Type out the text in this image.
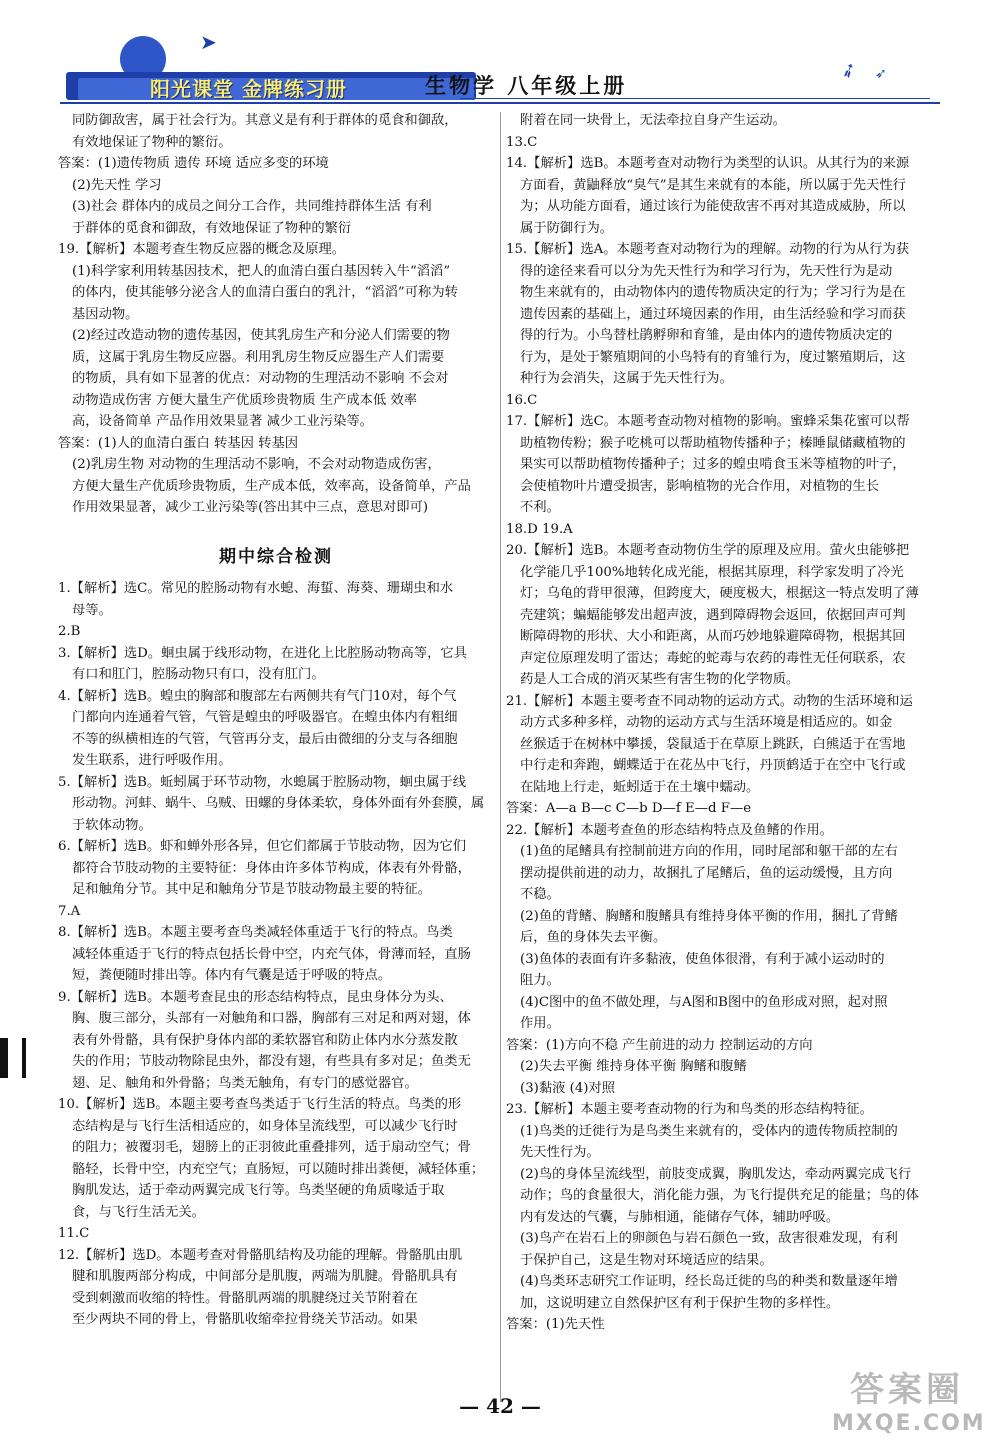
阳光课堂 金牌练习册	生物学 八年级上册
➤
➶ ➶

同防御敌害，属于社会行为。其意义是有利于群体的觅食和御敌，

有效地保证了物种的繁衍。

答案：(1)遗传物质 遗传 环境 适应多变的环境

(2)先天性 学习

(3)社会 群体内的成员之间分工合作，共同维持群体生活 有利

于群体的觅食和御敌，有效地保证了物种的繁衍

19.【解析】本题考查生物反应器的概念及原理。

(1)科学家利用转基因技术，把人的血清白蛋白基因转入牛“滔滔”

的体内，使其能够分泌含人的血清白蛋白的乳汁，“滔滔”可称为转

基因动物。

(2)经过改造动物的遗传基因，使其乳房生产和分泌人们需要的物

质，这属于乳房生物反应器。利用乳房生物反应器生产人们需要

的物质，具有如下显著的优点：对动物的生理活动不影响 不会对

动物造成伤害 方便大量生产优质珍贵物质 生产成本低 效率

高，设备简单 产品作用效果显著 减少工业污染等。

答案：(1)人的血清白蛋白 转基因 转基因

(2)乳房生物 对动物的生理活动不影响，不会对动物造成伤害，

方便大量生产优质珍贵物质，生产成本低，效率高，设备简单，产品

作用效果显著，减少工业污染等(答出其中三点，意思对即可)

期中综合检测

1.【解析】选C。常见的腔肠动物有水螅、海蜇、海葵、珊瑚虫和水

母等。

2.B

3.【解析】选D。蛔虫属于线形动物，在进化上比腔肠动物高等，它具

有口和肛门，腔肠动物只有口，没有肛门。

4.【解析】选B。蝗虫的胸部和腹部左右两侧共有气门10对，每个气

门都向内连通着气管，气管是蝗虫的呼吸器官。在蝗虫体内有粗细

不等的纵横相连的气管，气管再分支，最后由微细的分支与各细胞

发生联系，进行呼吸作用。

5.【解析】选B。蚯蚓属于环节动物，水螅属于腔肠动物，蛔虫属于线

形动物。河蚌、蜗牛、乌贼、田螺的身体柔软，身体外面有外套膜，属

于软体动物。

6.【解析】选B。虾和蝉外形各异，但它们都属于节肢动物，因为它们

都符合节肢动物的主要特征：身体由许多体节构成，体表有外骨骼，

足和触角分节。其中足和触角分节是节肢动物最主要的特征。

7.A

8.【解析】选B。本题主要考查鸟类减轻体重适于飞行的特点。鸟类

减轻体重适于飞行的特点包括长骨中空，内充气体，骨薄而轻，直肠

短，粪便随时排出等。体内有气囊是适于呼吸的特点。

9.【解析】选B。本题考查昆虫的形态结构特点，昆虫身体分为头、

胸、腹三部分，头部有一对触角和口器，胸部有三对足和两对翅，体

表有外骨骼，具有保护身体内部的柔软器官和防止体内水分蒸发散

失的作用；节肢动物除昆虫外，都没有翅，有些具有多对足；鱼类无

翅、足、触角和外骨骼；鸟类无触角，有专门的感觉器官。

10.【解析】选B。本题主要考查鸟类适于飞行生活的特点。鸟类的形

态结构是与飞行生活相适应的，如身体呈流线型，可以减少飞行时

的阻力；被覆羽毛，翅膀上的正羽彼此重叠排列，适于扇动空气；骨

骼轻，长骨中空，内充空气；直肠短，可以随时排出粪便，减轻体重；

胸肌发达，适于牵动两翼完成飞行等。鸟类坚硬的角质喙适于取

食，与飞行生活无关。

11.C

12.【解析】选D。本题考查对骨骼肌结构及功能的理解。骨骼肌由肌

腱和肌腹两部分构成，中间部分是肌腹，两端为肌腱。骨骼肌具有

受到刺激而收缩的特性。骨骼肌两端的肌腱绕过关节附着在

至少两块不同的骨上，骨骼肌收缩牵拉骨绕关节活动。如果

附着在同一块骨上，无法牵拉自身产生运动。

13.C

14.【解析】选B。本题考查对动物行为类型的认识。从其行为的来源

方面看，黄鼬释放“臭气”是其生来就有的本能，所以属于先天性行

为；从功能方面看，通过该行为能使敌害不再对其造成威胁，所以

属于防御行为。

15.【解析】选A。本题考查对动物行为的理解。动物的行为从行为获

得的途径来看可以分为先天性行为和学习行为，先天性行为是动

物生来就有的，由动物体内的遗传物质决定的行为；学习行为是在

遗传因素的基础上，通过环境因素的作用，由生活经验和学习而获

得的行为。小鸟替杜鹃孵卵和育雏，是由体内的遗传物质决定的

行为，是处于繁殖期间的小鸟特有的育雏行为，度过繁殖期后，这

种行为会消失，这属于先天性行为。

16.C

17.【解析】选C。本题考查动物对植物的影响。蜜蜂采集花蜜可以帮

助植物传粉；猴子吃桃可以帮助植物传播种子；榛睡鼠储藏植物的

果实可以帮助植物传播种子；过多的蝗虫啃食玉米等植物的叶子，

会使植物叶片遭受损害，影响植物的光合作用，对植物的生长

不利。

18.D 19.A

20.【解析】选B。本题考查动物仿生学的原理及应用。萤火虫能够把

化学能几乎100%地转化成光能，根据其原理，科学家发明了冷光

灯；乌龟的背甲很薄，但跨度大，硬度极大，根据这一特点发明了薄

壳建筑；蝙蝠能够发出超声波，遇到障碍物会返回，依据回声可判

断障碍物的形状、大小和距离，从而巧妙地躲避障碍物，根据其回

声定位原理发明了雷达；毒蛇的蛇毒与农药的毒性无任何联系，农

药是人工合成的消灭某些有害生物的化学物质。

21.【解析】本题主要考查不同动物的运动方式。动物的生活环境和运

动方式多种多样，动物的运动方式与生活环境是相适应的。如金

丝猴适于在树林中攀援，袋鼠适于在草原上跳跃，白熊适于在雪地

中行走和奔跑，蝴蝶适于在花丛中飞行，丹顶鹤适于在空中飞行或

在陆地上行走，蚯蚓适于在土壤中蠕动。

答案：A—a B—c C—b D—f E—d F—e

22.【解析】本题考查鱼的形态结构特点及鱼鳍的作用。

(1)鱼的尾鳍具有控制前进方向的作用，同时尾部和躯干部的左右

摆动提供前进的动力，故捆扎了尾鳍后，鱼的运动缓慢，且方向

不稳。

(2)鱼的背鳍、胸鳍和腹鳍具有维持身体平衡的作用，捆扎了背鳍

后，鱼的身体失去平衡。

(3)鱼体的表面有许多黏液，使鱼体很滑，有利于减小运动时的

阻力。

(4)C图中的鱼不做处理，与A图和B图中的鱼形成对照，起对照

作用。

答案：(1)方向不稳 产生前进的动力 控制运动的方向

(2)失去平衡 维持身体平衡 胸鳍和腹鳍

(3)黏液 (4)对照

23.【解析】本题主要考查动物的行为和鸟类的形态结构特征。

(1)鸟类的迁徙行为是鸟类生来就有的，受体内的遗传物质控制的

先天性行为。

(2)鸟的身体呈流线型，前肢变成翼，胸肌发达，牵动两翼完成飞行

动作；鸟的食量很大，消化能力强，为飞行提供充足的能量；鸟的体

内有发达的气囊，与肺相通，能储存气体，辅助呼吸。

(3)鸟产在岩石上的卵颜色与岩石颜色一致，敌害很难发现，有利

于保护自己，这是生物对环境适应的结果。

(4)鸟类环志研究工作证明，经长岛迁徙的鸟的种类和数量逐年增

加，这说明建立自然保护区有利于保护生物的多样性。

答案：(1)先天性

— 42 —	答案圈
MXQE.COM
